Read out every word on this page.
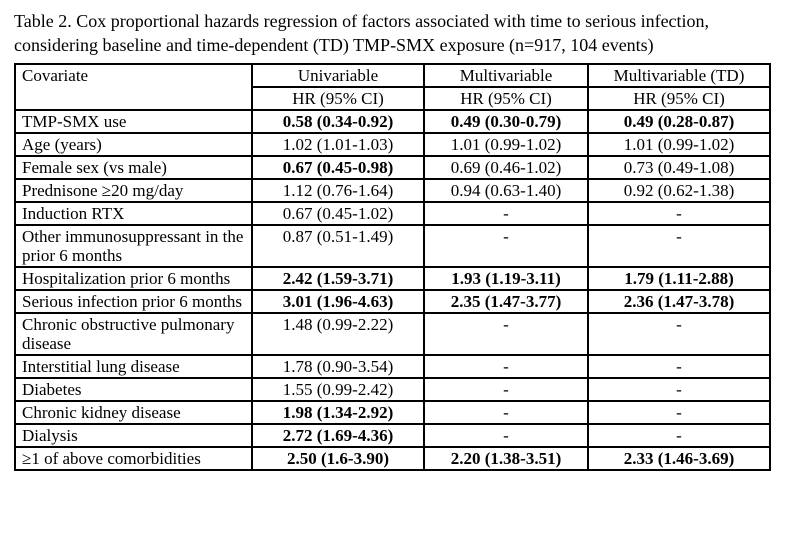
Table 2. Cox proportional hazards regression of factors associated with time to serious infection,
considering baseline and time-dependent (TD) TMP-SMX exposure (n=917, 104 events)
Covariate	Univariable	Multivariable	Multivariable (TD)
	HR (95% CI)	HR (95% CI)	HR (95% CI)
TMP-SMX use	0.58 (0.34-0.92)	0.49 (0.30-0.79)	0.49 (0.28-0.87)
Age (years)	1.02 (1.01-1.03)	1.01 (0.99-1.02)	1.01 (0.99-1.02)
Female sex (vs male)	0.67 (0.45-0.98)	0.69 (0.46-1.02)	0.73 (0.49-1.08)
Prednisone ≥20 mg/day	1.12 (0.76-1.64)	0.94 (0.63-1.40)	0.92 (0.62-1.38)
Induction RTX	0.67 (0.45-1.02)	-	-
Other immunosuppressant in the prior 6 months	0.87 (0.51-1.49)	-	-
Hospitalization prior 6 months	2.42 (1.59-3.71)	1.93 (1.19-3.11)	1.79 (1.11-2.88)
Serious infection prior 6 months	3.01 (1.96-4.63)	2.35 (1.47-3.77)	2.36 (1.47-3.78)
Chronic obstructive pulmonary disease	1.48 (0.99-2.22)	-	-
Interstitial lung disease	1.78 (0.90-3.54)	-	-
Diabetes	1.55 (0.99-2.42)	-	-
Chronic kidney disease	1.98 (1.34-2.92)	-	-
Dialysis	2.72 (1.69-4.36)	-	-
≥1 of above comorbidities	2.50 (1.6-3.90)	2.20 (1.38-3.51)	2.33 (1.46-3.69)
